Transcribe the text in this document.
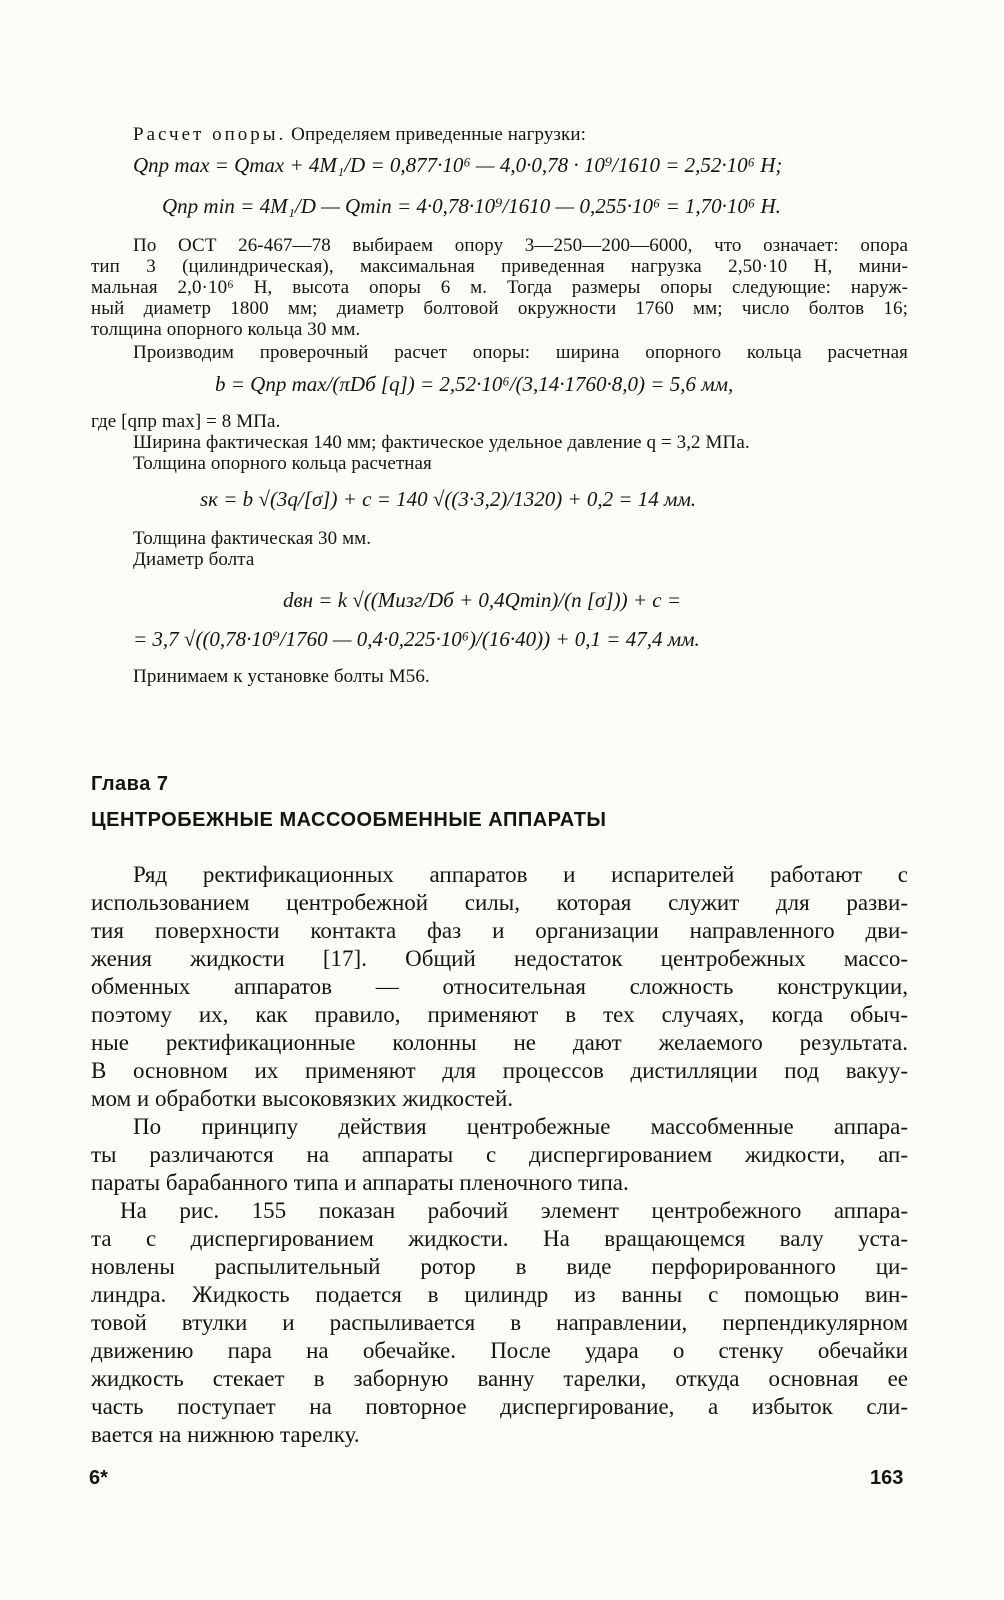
Расчет опоры. Определяем приведенные нагрузки:
Qпр max = Qmax + 4M₁/D = 0,877·10⁶ — 4,0·0,78 · 10⁹/1610 = 2,52·10⁶ Н;
Qпр min = 4M₁/D — Qmin = 4·0,78·10⁹/1610 — 0,255·10⁶ = 1,70·10⁶ Н.
По ОСТ 26-467—78 выбираем опору 3—250—200—6000, что означает: опора
тип 3 (цилиндрическая), максимальная приведенная нагрузка 2,50·10 Н, мини-
мальная 2,0·10⁶ Н, высота опоры 6 м. Тогда размеры опоры следующие: наруж-
ный диаметр 1800 мм; диаметр болтовой окружности 1760 мм; число болтов 16;
толщина опорного кольца 30 мм.
Производим проверочный расчет опоры: ширина опорного кольца расчетная
b = Qпр max/(πDб [q]) = 2,52·10⁶/(3,14·1760·8,0) = 5,6 мм,
где [qпр max] = 8 МПа.
Ширина фактическая 140 мм; фактическое удельное давление q = 3,2 МПа.
Толщина опорного кольца расчетная
sк = b √(3q/[σ]) + c = 140 √((3·3,2)/1320) + 0,2 = 14 мм.
Толщина фактическая 30 мм.
Диаметр болта
dвн = k √((Mизг/Dб + 0,4Qmin)/(n [σ])) + c =
= 3,7 √((0,78·10⁹/1760 — 0,4·0,225·10⁶)/(16·40)) + 0,1 = 47,4 мм.
Принимаем к установке болты М56.
Глава 7
ЦЕНТРОБЕЖНЫЕ МАССООБМЕННЫЕ АППАРАТЫ
Ряд ректификационных аппаратов и испарителей работают с
использованием центробежной силы, которая служит для разви-
тия поверхности контакта фаз и организации направленного дви-
жения жидкости [17]. Общий недостаток центробежных массо-
обменных аппаратов — относительная сложность конструкции,
поэтому их, как правило, применяют в тех случаях, когда обыч-
ные ректификационные колонны не дают желаемого результата.
В основном их применяют для процессов дистилляции под вакуу-
мом и обработки высоковязких жидкостей.
По принципу действия центробежные массобменные аппара-
ты различаются на аппараты с диспергированием жидкости, ап-
параты барабанного типа и аппараты пленочного типа.
На рис. 155 показан рабочий элемент центробежного аппара-
та с диспергированием жидкости. На вращающемся валу уста-
новлены распылительный ротор в виде перфорированного ци-
линдра. Жидкость подается в цилиндр из ванны с помощью вин-
товой втулки и распыливается в направлении, перпендикулярном
движению пара на обечайке. После удара о стенку обечайки
жидкость стекает в заборную ванну тарелки, откуда основная ее
часть поступает на повторное диспергирование, а избыток сли-
вается на нижнюю тарелку.
6*	163
